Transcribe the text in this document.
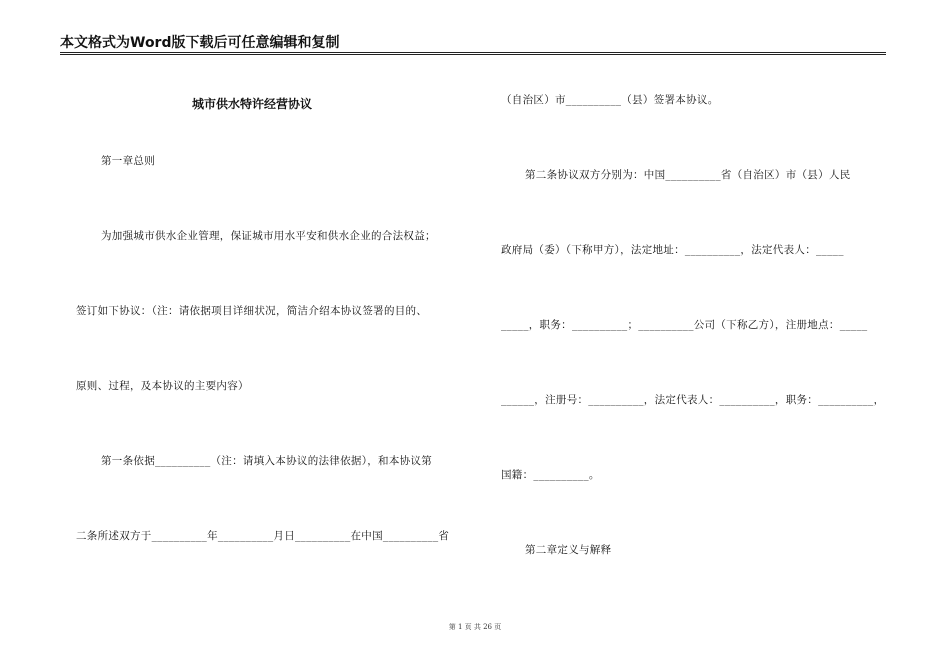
本文格式为Word版下载后可任意编辑和复制
城市供水特许经营协议
第一章总则
为加强城市供水企业管理，保证城市用水平安和供水企业的合法权益；
签订如下协议：（注：请依据项目详细状况，简洁介绍本协议签署的目的、
原则、过程，及本协议的主要内容）
第一条依据__________（注：请填入本协议的法律依据），和本协议第
二条所述双方于__________年__________月日__________在中国__________省
（自治区）市__________（县）签署本协议。
第二条协议双方分别为：中国__________省（自治区）市（县）人民
政府局（委）（下称甲方），法定地址：__________，法定代表人：_____
_____，职务：__________；__________公司（下称乙方），注册地点：_____
______，注册号：__________，法定代表人：__________，职务：__________，
国籍：__________。
第二章定义与解释
第 1 页 共 26 页
